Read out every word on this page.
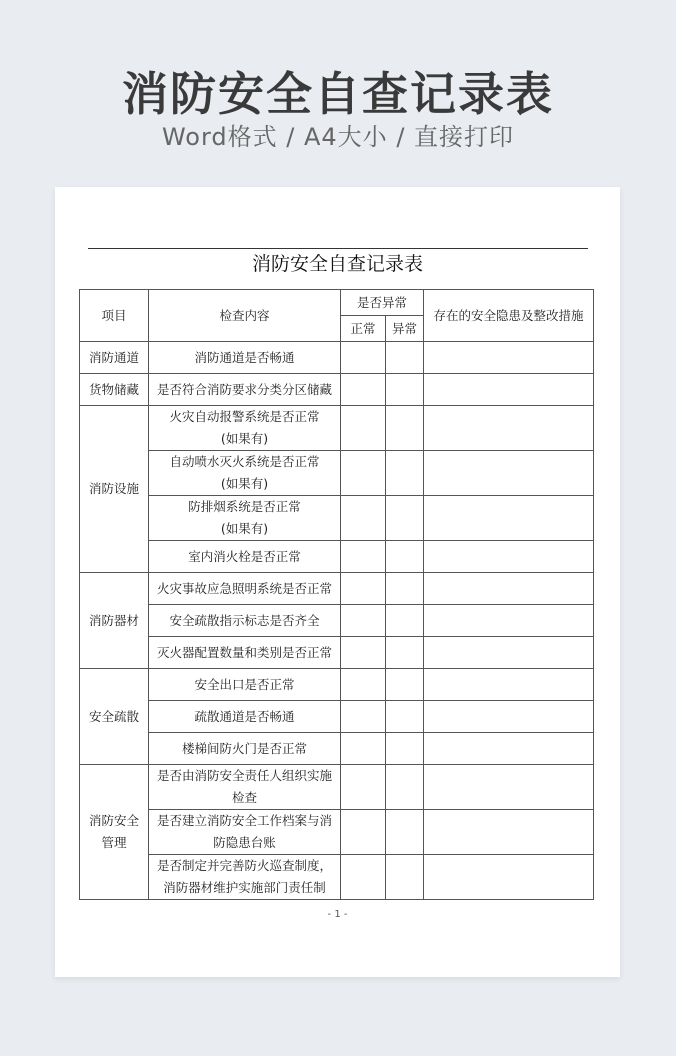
消防安全自查记录表
Word格式 / A4大小 / 直接打印
消防安全自查记录表
项目	检查内容	是否异常		存在的安全隐患及整改措施
		正常	异常	
消防通道	消防通道是否畅通			
货物储藏	是否符合消防要求分类分区储藏			
消防设施	火灾自动报警系统是否正常
(如果有)			
	自动喷水灭火系统是否正常
(如果有)			
	防排烟系统是否正常
(如果有)			
	室内消火栓是否正常			
消防器材	火灾事故应急照明系统是否正常			
	安全疏散指示标志是否齐全			
	灭火器配置数量和类别是否正常			
安全疏散	安全出口是否正常			
	疏散通道是否畅通			
	楼梯间防火门是否正常			
消防安全
管理	是否由消防安全责任人组织实施
检查			
	是否建立消防安全工作档案与消
防隐患台账			
	是否制定并完善防火巡查制度，
消防器材维护实施部门责任制			
- 1 -
